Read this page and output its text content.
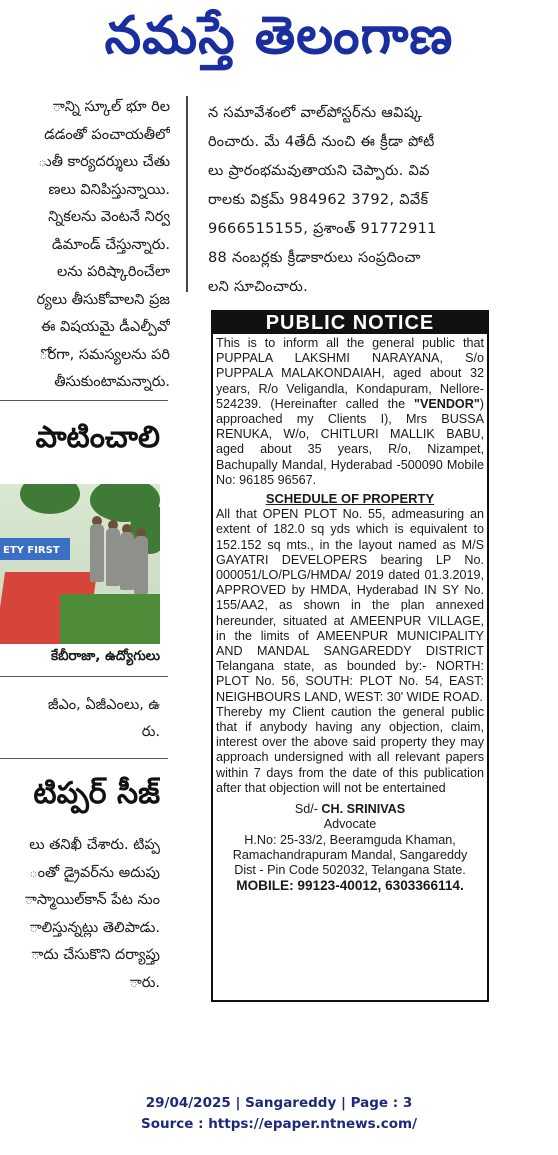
నమస్తే తెలంగాణ
ాన్ని స్కూల్ భూ రిల
డడంతో పంచాయతీలో
ుతీ కార్యదర్శులు చేతు
ణలు వినిపిస్తున్నాయి.
న్నికలను వెంటనే నిర్వ
డిమాండ్ చేస్తున్నారు.
లను పరిష్కారించేలా
ర్యలు తీసుకోవాలని ప్రజ
ఈ విషయమై డీఎల్పీవో
ోరగా, సమస్యలను పరి
తీసుకుంటామన్నారు.
పాటించాలి
ETY FIRST
కేబీరాజా, ఉద్యోగులు
జీఎం, ఏజీఎంలు, ఉ
రు.
టిప్పర్ సీజ్
లు తనిఖీ చేశారు. టిప్ప
ంతో డ్రైవర్‌ను అదుపు
ాస్మాయిల్‌కాన్ పేట నుం
ాలిస్తున్నట్లు తెలిపాడు.
ాదు చేసుకొని దర్యాప్తు
ారు.
న సమావేశంలో వాల్‌పోస్టర్‌ను ఆవిష్క
రించారు. మే 4తేదీ నుంచి ఈ క్రీడా పోటీ
లు ప్రారంభమవుతాయని చెప్పారు. వివ
రాలకు విక్రమ్ 984962 3792, వివేక్
9666515155, ప్రశాంత్ 91772911
88 నంబర్లకు క్రీడాకారులు సంప్రదించా
లని సూచించారు.
PUBLIC NOTICE
This is to inform all the general public that PUPPALA LAKSHMI NARAYANA, S/o PUPPALA MALAKONDAIAH, aged about 32 years, R/o Veligandla, Kondapuram, Nellore-524239. (Hereinafter called the "VENDOR") approached my Clients I), Mrs BUSSA RENUKA, W/o, CHITLURI MALLIK BABU, aged about 35 years, R/o, Nizampet, Bachupally Mandal, Hyderabad -500090 Mobile No: 96185 96567.
SCHEDULE OF PROPERTY
All that OPEN PLOT No. 55, admeasuring an extent of 182.0 sq yds which is equivalent to 152.152 sq mts., in the layout named as M/S GAYATRI DEVELOPERS bearing LP No. 000051/LO/PLG/HMDA/ 2019 dated 01.3.2019, APPROVED by HMDA, Hyderabad IN SY No. 155/AA2, as shown in the plan annexed hereunder, situated at AMEENPUR VILLAGE, in the limits of AMEENPUR MUNICIPALITY AND MANDAL SANGAREDDY DISTRICT Telangana state, as bounded by:- NORTH: PLOT No. 56, SOUTH: PLOT No. 54, EAST: NEIGHBOURS LAND, WEST: 30' WIDE ROAD.
Thereby my Client caution the general public that if anybody having any objection, claim, interest over the above said property they may approach undersigned with all relevant papers within 7 days from the date of this publication after that objection will not be entertained
Sd/- CH. SRINIVAS
Advocate
H.No: 25-33/2, Beeramguda Khaman,
Ramachandrapuram Mandal, Sangareddy
Dist - Pin Code 502032, Telangana State.
MOBILE: 99123-40012, 6303366114.
29/04/2025 | Sangareddy | Page : 3
Source : https://epaper.ntnews.com/
